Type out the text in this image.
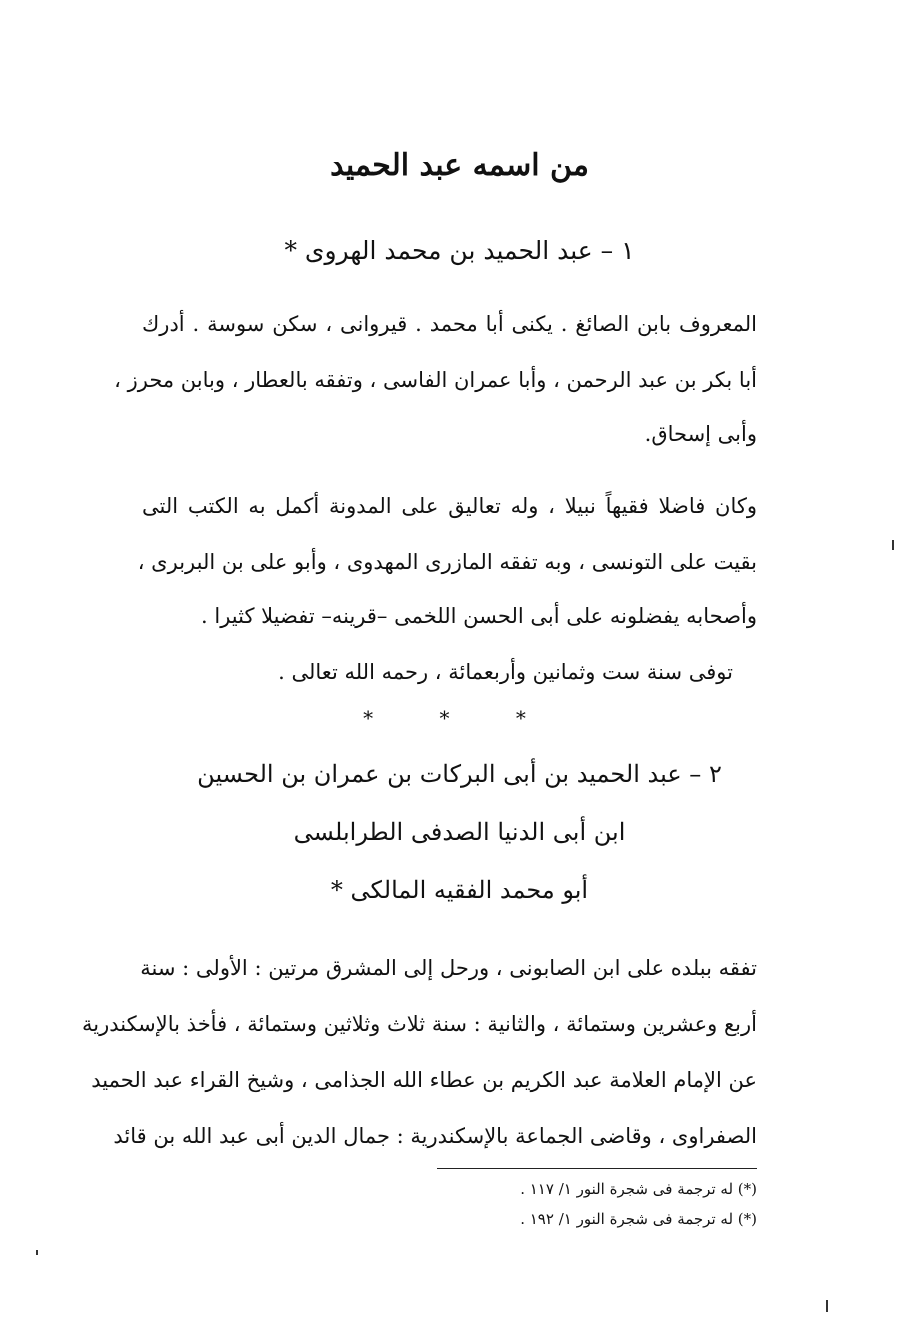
من اسمه عبد الحميد
١ – عبد الحميد بن محمد الهروى *
المعروف بابن الصائغ . يكنى أبا محمد . قيروانى ، سكن سوسة . أدرك
أبا بكر بن عبد الرحمن ، وأبا عمران الفاسى ، وتفقه بالعطار ، وبابن محرز ،
وأبى إسحاق.
وكان فاضلا فقيهاً نبيلا ، وله تعاليق على المدونة أكمل به الكتب التى
بقيت على التونسى ، وبه تفقه المازرى المهدوى ، وأبو على بن البربرى ،
وأصحابه يفضلونه على أبى الحسن اللخمى –قرينه– تفضيلا كثيرا .
توفى سنة ست وثمانين وأربعمائة ، رحمه الله تعالى .
* * *
٢ – عبد الحميد بن أبى البركات بن عمران بن الحسين
ابن أبى الدنيا الصدفى الطرابلسى
أبو محمد الفقيه المالكى *
تفقه ببلده على ابن الصابونى ، ورحل إلى المشرق مرتين : الأولى : سنة
أربع وعشرين وستمائة ، والثانية : سنة ثلاث وثلاثين وستمائة ، فأخذ بالإسكندرية
عن الإمام العلامة عبد الكريم بن عطاء الله الجذامى ، وشيخ القراء عبد الحميد
الصفراوى ، وقاضى الجماعة بالإسكندرية : جمال الدين أبى عبد الله بن قائد
(*) له ترجمة فى شجرة النور ١/ ١١٧ .
(*) له ترجمة فى شجرة النور ١/ ١٩٢ .
